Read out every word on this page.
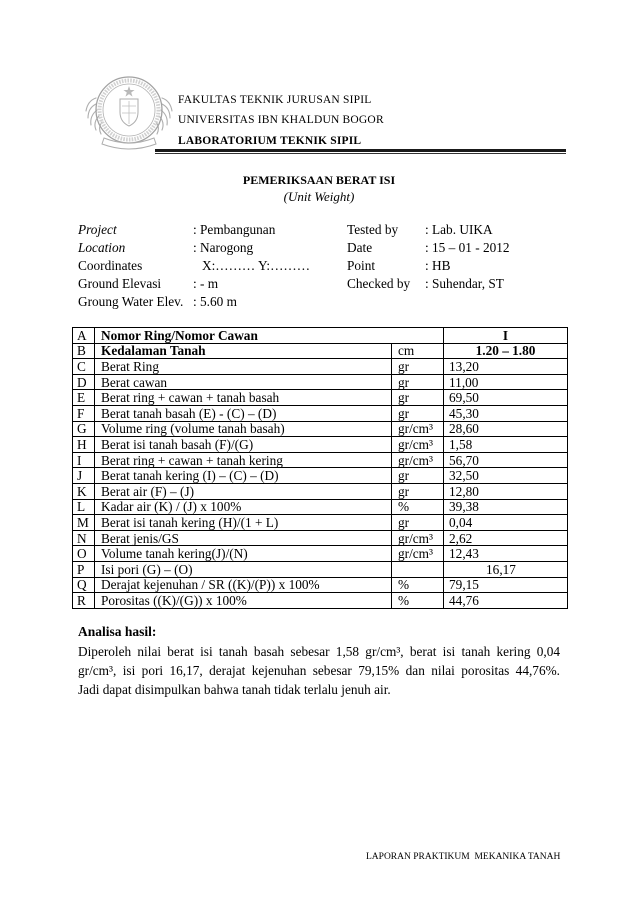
FAKULTAS TEKNIK JURUSAN SIPIL
UNIVERSITAS IBN KHALDUN BOGOR
LABORATORIUM TEKNIK SIPIL
PEMERIKSAAN BERAT ISI
(Unit Weight)
Project	: Pembangunan	Tested by : Lab. UIKA
Location	: Narogong	Date	: 15 – 01 - 2012
Coordinates	X:……… Y:………	Point	: HB
Ground Elevasi : - m	Checked by : Suhendar, ST
Groung Water Elev. : 5.60 m
A	Nomor Ring/Nomor Cawan		I
B	Kedalaman Tanah	cm	1.20 – 1.80
C	Berat Ring	gr	13,20
D	Berat cawan	gr	11,00
E	Berat ring + cawan + tanah basah	gr	69,50
F	Berat tanah basah (E) - (C) – (D)	gr	45,30
G	Volume ring (volume tanah basah)	gr/cm³	28,60
H	Berat isi tanah basah (F)/(G)	gr/cm³	1,58
I	Berat ring + cawan + tanah kering	gr/cm³	56,70
J	Berat tanah kering (I) – (C) – (D)	gr	32,50
K	Berat air (F) – (J)	gr	12,80
L	Kadar air (K) / (J) x 100%	%	39,38
M	Berat isi tanah kering (H)/(1 + L)	gr	0,04
N	Berat jenis/GS	gr/cm³	2,62
O	Volume tanah kering(J)/(N)	gr/cm³	12,43
P	Isi pori (G) – (O)		16,17
Q	Derajat kejenuhan / SR ((K)/(P)) x 100%	%	79,15
R	Porositas ((K)/(G)) x 100%	%	44,76
Analisa hasil:
Diperoleh nilai berat isi tanah basah sebesar 1,58 gr/cm³, berat isi tanah kering 0,04
gr/cm³, isi pori 16,17, derajat kejenuhan sebesar 79,15% dan nilai porositas 44,76%.
Jadi dapat disimpulkan bahwa tanah tidak terlalu jenuh air.
LAPORAN PRAKTIKUM  MEKANIKA TANAH
